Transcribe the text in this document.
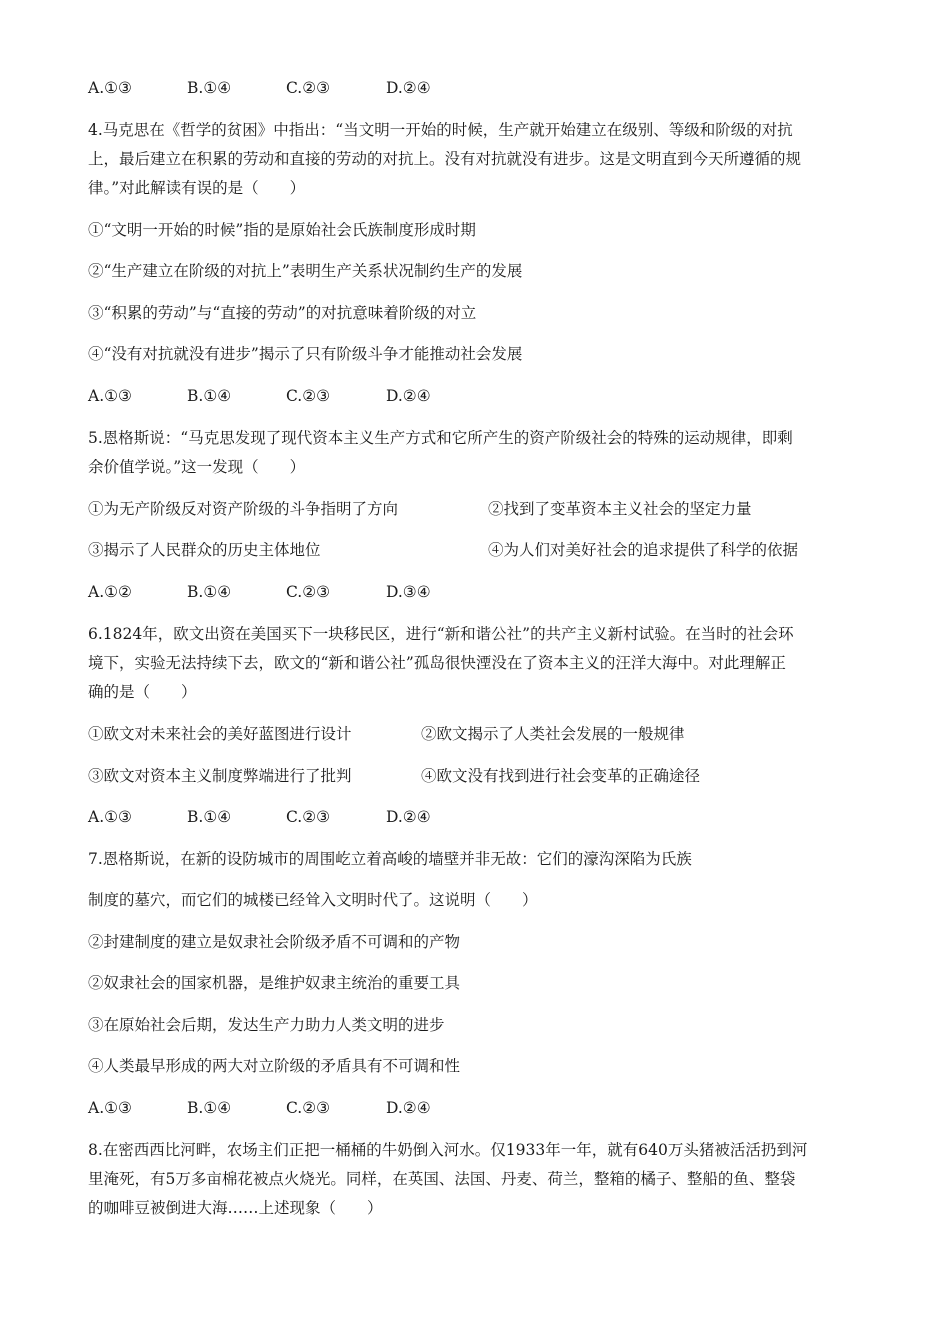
A.①③	B.①④	C.②③	D.②④
4.马克思在《哲学的贫困》中指出：“当文明一开始的时候，生产就开始建立在级别、等级和阶级的对抗
上，最后建立在积累的劳动和直接的劳动的对抗上。没有对抗就没有进步。这是文明直到今天所遵循的规
律。”对此解读有误的是（　　）
①“文明一开始的时候”指的是原始社会氏族制度形成时期
②“生产建立在阶级的对抗上”表明生产关系状况制约生产的发展
③“积累的劳动”与“直接的劳动”的对抗意味着阶级的对立
④“没有对抗就没有进步”揭示了只有阶级斗争才能推动社会发展
A.①③	B.①④	C.②③	D.②④
5.恩格斯说：“马克思发现了现代资本主义生产方式和它所产生的资产阶级社会的特殊的运动规律，即剩
余价值学说。”这一发现（　　）
①为无产阶级反对资产阶级的斗争指明了方向	②找到了变革资本主义社会的坚定力量
③揭示了人民群众的历史主体地位	④为人们对美好社会的追求提供了科学的依据
A.①②	B.①④	C.②③	D.③④
6.1824年，欧文出资在美国买下一块移民区，进行“新和谐公社”的共产主义新村试验。在当时的社会环
境下，实验无法持续下去，欧文的“新和谐公社”孤岛很快湮没在了资本主义的汪洋大海中。对此理解正
确的是（　　）
①欧文对未来社会的美好蓝图进行设计	②欧文揭示了人类社会发展的一般规律
③欧文对资本主义制度弊端进行了批判	④欧文没有找到进行社会变革的正确途径
A.①③	B.①④	C.②③	D.②④
7.恩格斯说，在新的设防城市的周围屹立着高峻的墙壁并非无故：它们的濠沟深陷为氏族
制度的墓穴，而它们的城楼已经耸入文明时代了。这说明（　　）
②封建制度的建立是奴隶社会阶级矛盾不可调和的产物
②奴隶社会的国家机器，是维护奴隶主统治的重要工具
③在原始社会后期，发达生产力助力人类文明的进步
④人类最早形成的两大对立阶级的矛盾具有不可调和性
A.①③	B.①④	C.②③	D.②④
8.在密西西比河畔，农场主们正把一桶桶的牛奶倒入河水。仅1933年一年，就有640万头猪被活活扔到河
里淹死，有5万多亩棉花被点火烧光。同样，在英国、法国、丹麦、荷兰，整箱的橘子、整船的鱼、整袋
的咖啡豆被倒进大海……上述现象（　　）
